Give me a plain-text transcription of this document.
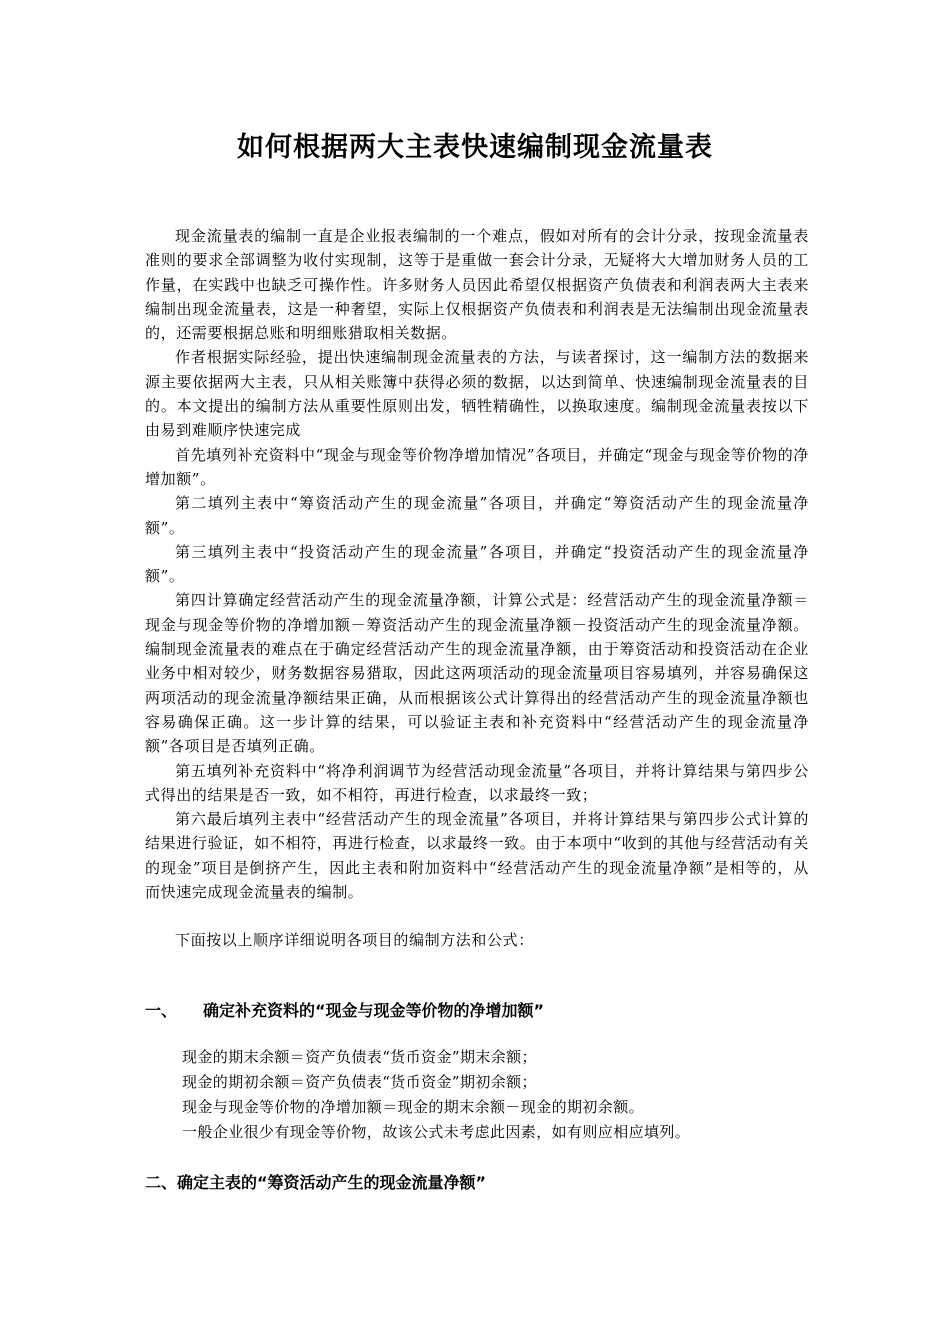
如何根据两大主表快速编制现金流量表

现金流量表的编制一直是企业报表编制的一个难点，假如对所有的会计分录，按现金流量表准则的要求全部调整为收付实现制，这等于是重做一套会计分录，无疑将大大增加财务人员的工作量，在实践中也缺乏可操作性。许多财务人员因此希望仅根据资产负债表和利润表两大主表来编制出现金流量表，这是一种奢望，实际上仅根据资产负债表和利润表是无法编制出现金流量表的，还需要根据总账和明细账猎取相关数据。

作者根据实际经验，提出快速编制现金流量表的方法，与读者探讨，这一编制方法的数据来源主要依据两大主表，只从相关账簿中获得必须的数据，以达到简单、快速编制现金流量表的目的。本文提出的编制方法从重要性原则出发，牺牲精确性，以换取速度。编制现金流量表按以下由易到难顺序快速完成

首先填列补充资料中“现金与现金等价物净增加情况”各项目，并确定“现金与现金等价物的净增加额”。

第二填列主表中“筹资活动产生的现金流量”各项目，并确定“筹资活动产生的现金流量净额”。

第三填列主表中“投资活动产生的现金流量”各项目，并确定“投资活动产生的现金流量净额”。

第四计算确定经营活动产生的现金流量净额，计算公式是：经营活动产生的现金流量净额＝现金与现金等价物的净增加额－筹资活动产生的现金流量净额－投资活动产生的现金流量净额。编制现金流量表的难点在于确定经营活动产生的现金流量净额，由于筹资活动和投资活动在企业业务中相对较少，财务数据容易猎取，因此这两项活动的现金流量项目容易填列，并容易确保这两项活动的现金流量净额结果正确，从而根据该公式计算得出的经营活动产生的现金流量净额也容易确保正确。这一步计算的结果，可以验证主表和补充资料中“经营活动产生的现金流量净额”各项目是否填列正确。

第五填列补充资料中“将净利润调节为经营活动现金流量”各项目，并将计算结果与第四步公式得出的结果是否一致，如不相符，再进行检查，以求最终一致；

第六最后填列主表中“经营活动产生的现金流量”各项目，并将计算结果与第四步公式计算的结果进行验证，如不相符，再进行检查，以求最终一致。由于本项中“收到的其他与经营活动有关的现金”项目是倒挤产生，因此主表和附加资料中“经营活动产生的现金流量净额”是相等的，从而快速完成现金流量表的编制。

下面按以上顺序详细说明各项目的编制方法和公式：

一、 确定补充资料的“现金与现金等价物的净增加额”

现金的期末余额＝资产负债表“货币资金”期末余额；

现金的期初余额＝资产负债表“货币资金”期初余额；

现金与现金等价物的净增加额＝现金的期末余额－现金的期初余额。

一般企业很少有现金等价物，故该公式未考虑此因素，如有则应相应填列。

二、确定主表的“筹资活动产生的现金流量净额”
